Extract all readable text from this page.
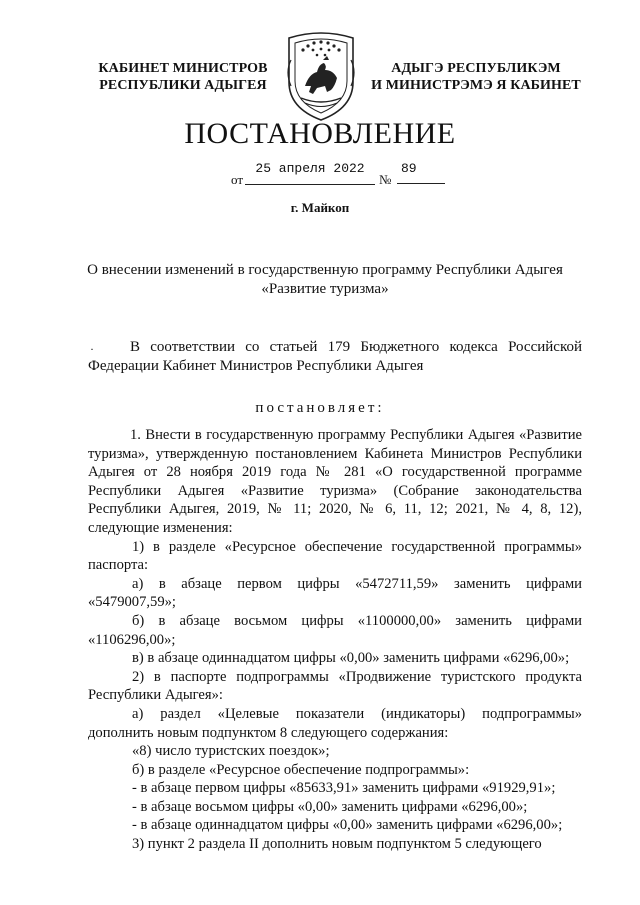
КАБИНЕТ МИНИСТРОВ
РЕСПУБЛИКИ АДЫГЕЯ
АДЫГЭ РЕСПУБЛИКЭМ
И МИНИСТРЭМЭ Я КАБИНЕТ
ПОСТАНОВЛЕНИЕ
от
25 апреля 2022
№
89
г. Майкоп
О внесении изменений в государственную программу Республики Адыгея
«Развитие туризма»
·	В соответствии со статьей 179 Бюджетного кодекса Российской Федерации Кабинет Министров Республики Адыгея
постановляет:
1. Внести в государственную программу Республики Адыгея «Развитие туризма», утвержденную постановлением Кабинета Министров Республики Адыгея от 28 ноября 2019 года № 281 «О государственной программе Республики Адыгея «Развитие туризма» (Собрание законодательства Республики Адыгея, 2019, № 11; 2020, № 6, 11, 12; 2021, № 4, 8, 12), следующие изменения:
1) в разделе «Ресурсное обеспечение государственной программы» паспорта:
а) в абзаце первом цифры «5472711,59» заменить цифрами «5479007,59»;
б) в абзаце восьмом цифры «1100000,00» заменить цифрами «1106296,00»;
в) в абзаце одиннадцатом цифры «0,00» заменить цифрами «6296,00»;
2) в паспорте подпрограммы «Продвижение туристского продукта Республики Адыгея»:
а) раздел «Целевые показатели (индикаторы) подпрограммы» дополнить новым подпунктом 8 следующего содержания:
«8) число туристских поездок»;
б) в разделе «Ресурсное обеспечение подпрограммы»:
- в абзаце первом цифры «85633,91» заменить цифрами «91929,91»;
- в абзаце восьмом цифры «0,00» заменить цифрами «6296,00»;
- в абзаце одиннадцатом цифры «0,00» заменить цифрами «6296,00»;
3) пункт 2 раздела II дополнить новым подпунктом 5 следующего
